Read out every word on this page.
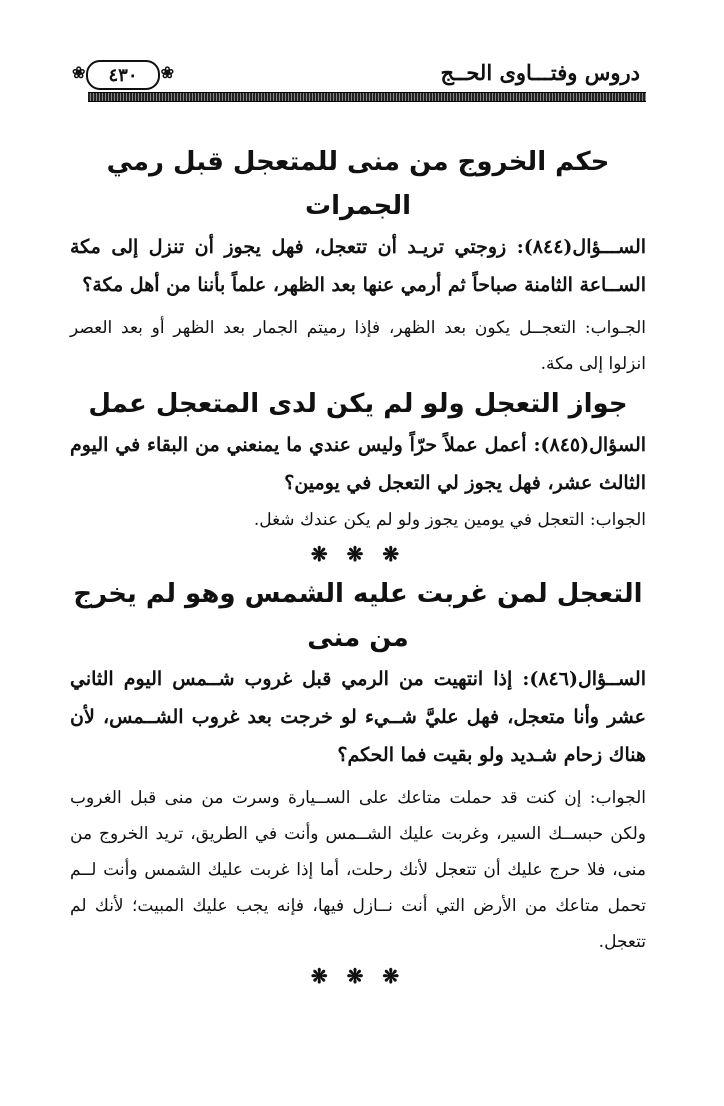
دروس وفتـــاوى الحــج
❀ ٤٣٠ ❀
حكم الخروج من منى للمتعجل قبل رمي الجمرات

الســـؤال(٨٤٤): زوجتي تريـد أن تتعجل، فهل يجوز أن تنزل إلى مكة الســاعة الثامنة صباحاً ثم أرمي عنها بعد الظهر، علماً بأننا من أهل مكة؟

الجـواب: التعجــل يكون بعد الظهر، فإذا رميتم الجمار بعد الظهر أو بعد العصر انزلوا إلى مكة.

جواز التعجل ولو لم يكن لدى المتعجل عمل

السؤال(٨٤٥): أعمل عملاً حرّاً وليس عندي ما يمنعني من البقاء في اليوم الثالث عشر، فهل يجوز لي التعجل في يومين؟

الجواب: التعجل في يومين يجوز ولو لم يكن عندك شغل.

❋ ❋ ❋
التعجل لمن غربت عليه الشمس وهو لم يخرج من منى

الســؤال(٨٤٦): إذا انتهيت من الرمي قبل غروب شــمس اليوم الثاني عشر وأنا متعجل، فهل عليَّ شــيء لو خرجت بعد غروب الشــمس، لأن هناك زحام شـديد ولو بقيت فما الحكم؟

الجواب: إن كنت قد حملت متاعك على الســيارة وسرت من منى قبل الغروب ولكن حبســك السير، وغربت عليك الشــمس وأنت في الطريق، تريد الخروج من منى، فلا حرج عليك أن تتعجل لأنك رحلت، أما إذا غربت عليك الشمس وأنت لــم تحمل متاعك من الأرض التي أنت نــازل فيها، فإنه يجب عليك المبيت؛ لأنك لم تتعجل.

❋ ❋ ❋
